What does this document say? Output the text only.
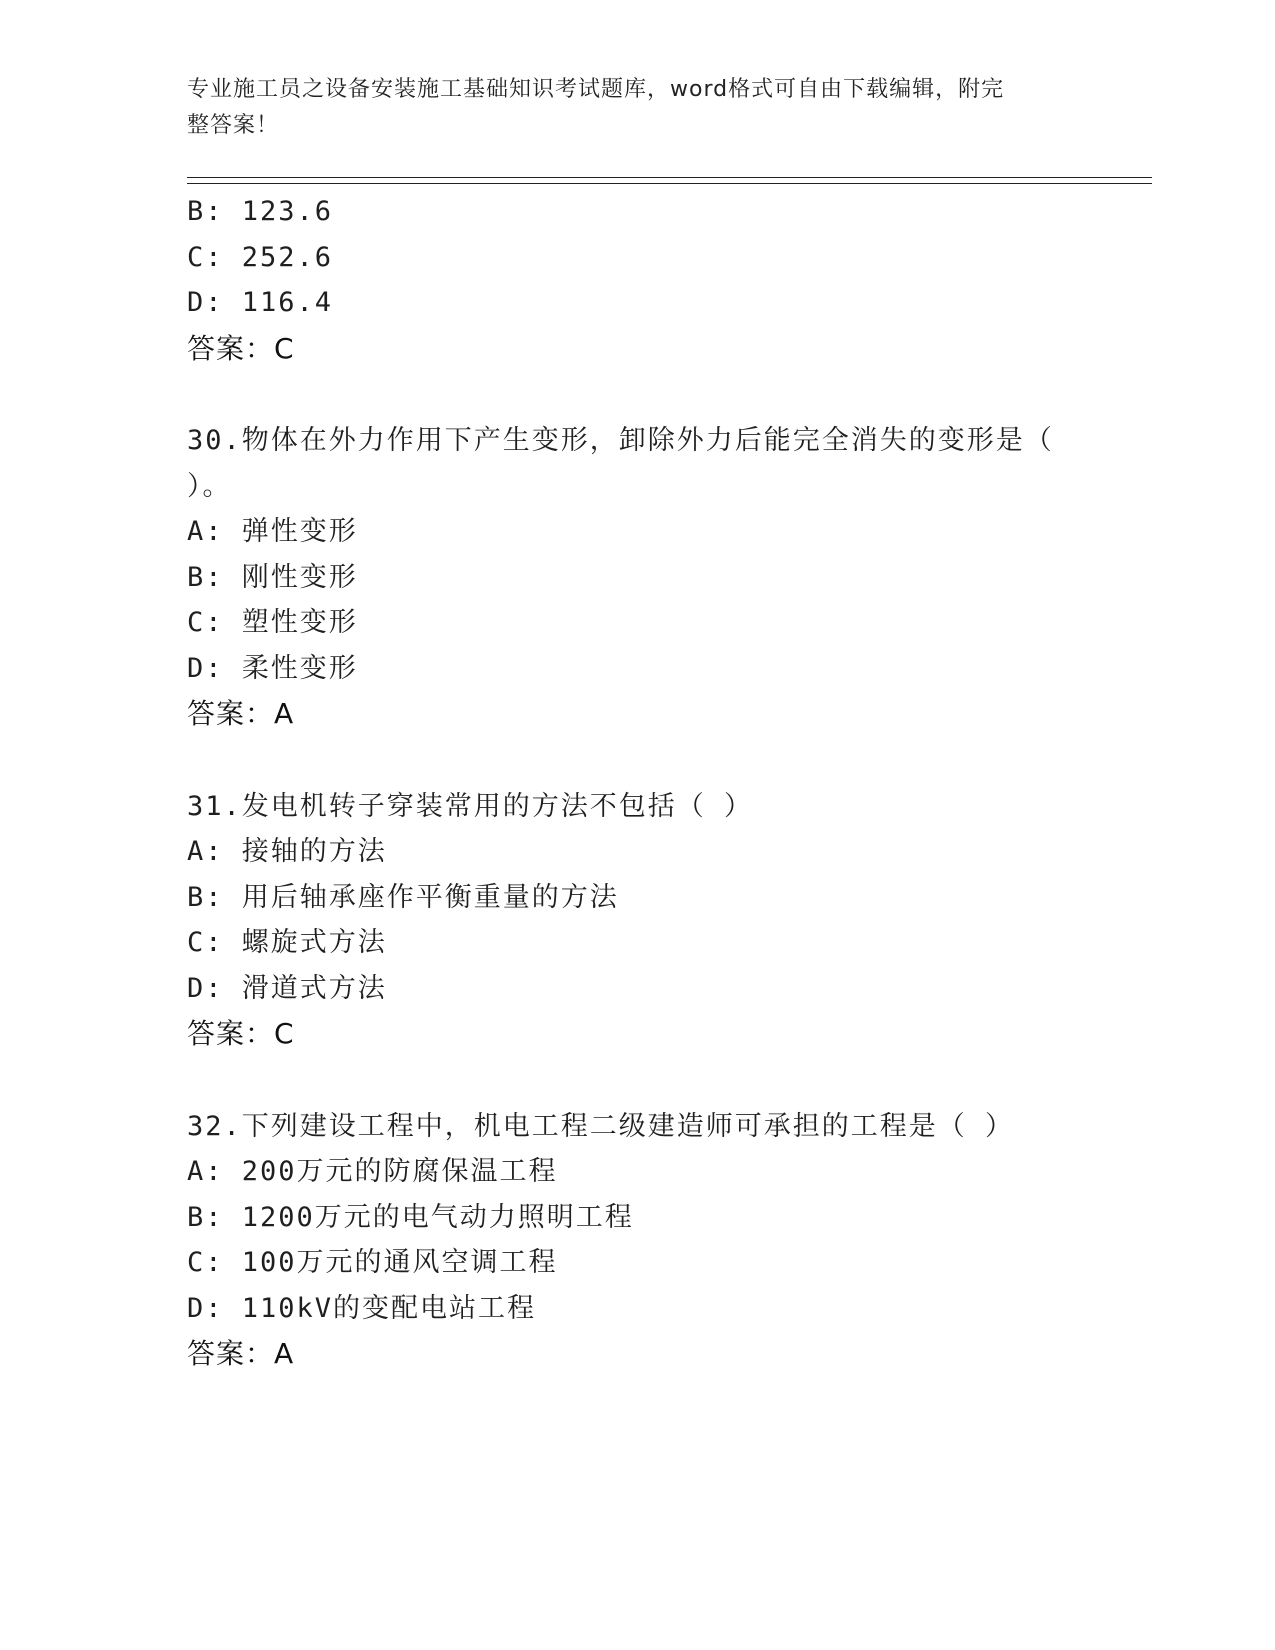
专业施工员之设备安装施工基础知识考试题库，word格式可自由下载编辑，附完
整答案！
B: 123.6
C: 252.6
D: 116.4
答案：C
30.物体在外力作用下产生变形，卸除外力后能完全消失的变形是（
）。
A: 弹性变形
B: 刚性变形
C: 塑性变形
D: 柔性变形
答案：A
31.发电机转子穿装常用的方法不包括（ ）
A: 接轴的方法
B: 用后轴承座作平衡重量的方法
C: 螺旋式方法
D: 滑道式方法
答案：C
32.下列建设工程中，机电工程二级建造师可承担的工程是（ ）
A: 200万元的防腐保温工程
B: 1200万元的电气动力照明工程
C: 100万元的通风空调工程
D: 110kV的变配电站工程
答案：A
